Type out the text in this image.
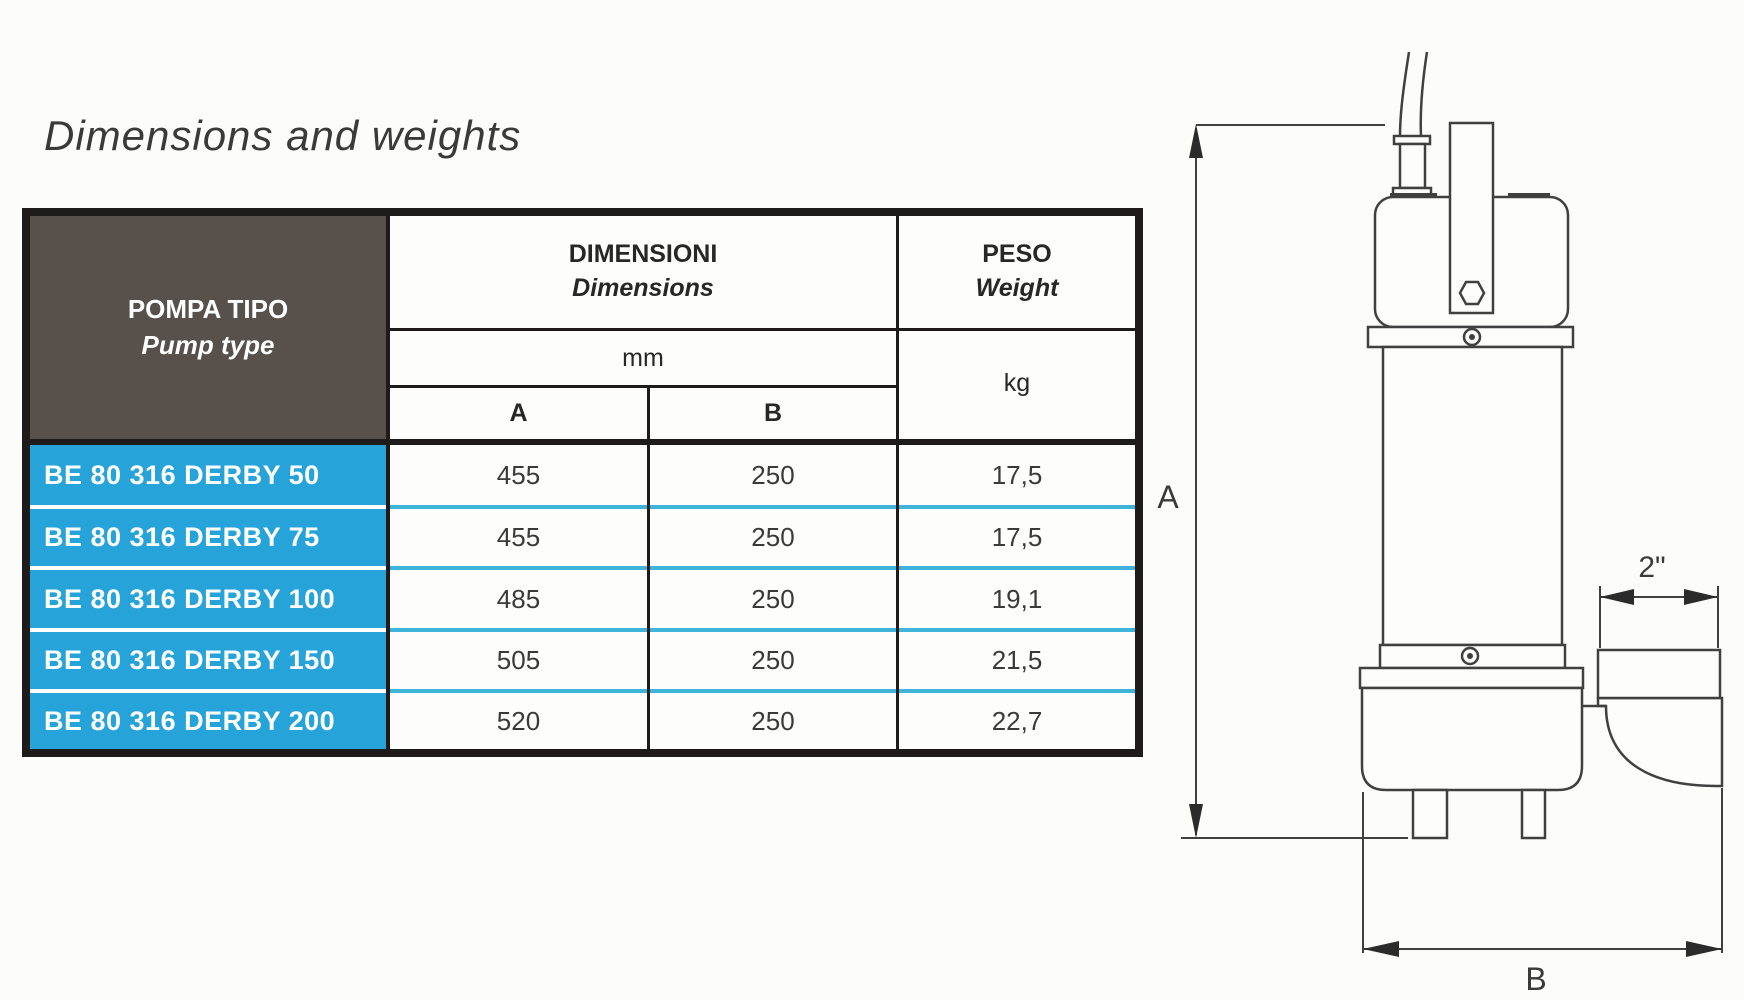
Dimensions and weights
POMPA TIPO
Pump type
DIMENSIONI
Dimensions
PESO
Weight
mm
kg
A	B
BE 80 316 DERBY 50	455	250	17,5
BE 80 316 DERBY 75	455	250	17,5
BE 80 316 DERBY 100	485	250	19,1
BE 80 316 DERBY 150	505	250	21,5
BE 80 316 DERBY 200	520	250	22,7
A
B
2"
